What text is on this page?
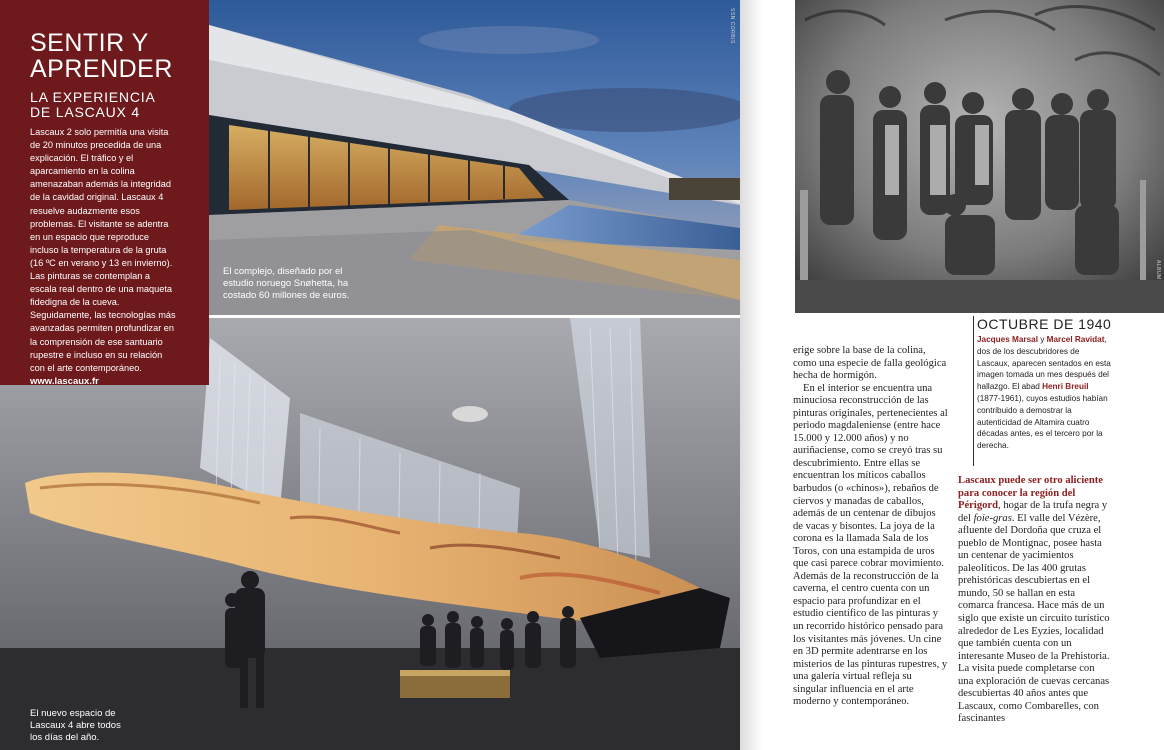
El complejo, diseñado por el
estudio noruego Snøhetta, ha
costado 60 millones de euros.
SSN CORBIS
El nuevo espacio de
Lascaux 4 abre todos
los días del año.
SENTIR Y
APRENDER
LA EXPERIENCIA
DE LASCAUX 4

Lascaux 2 solo permitía una visita de 20 minutos precedida de una explicación. El tráfico y el aparcamiento en la colina amenazaban además la integridad de la cavidad original. Lascaux 4 resuelve audazmente esos problemas. El visitante se adentra en un espacio que reproduce incluso la temperatura de la gruta (16 ºC en verano y 13 en invierno). Las pinturas se contemplan a escala real dentro de una maqueta fidedigna de la cueva. Seguidamente, las tecnologías más avanzadas permiten profundizar en la comprensión de ese santuario rupestre e incluso en su relación con el arte contemporáneo.

www.lascaux.fr
ALBUM
OCTUBRE DE 1940

Jacques Marsal y Marcel Ravidat, dos de los descubridores de Lascaux, aparecen sentados en esta imagen tomada un mes después del hallazgo. El abad Henri Breuil (1877-1961), cuyos estudios habían contribuido a demostrar la autenticidad de Altamira cuatro décadas antes, es el tercero por la derecha.

erige sobre la base de la colina, como una especie de falla geológica hecha de hormigón.

En el interior se encuentra una minuciosa reconstrucción de las pinturas originales, pertenecientes al periodo magdaleniense (entre hace 15.000 y 12.000 años) y no auriñaciense, como se creyó tras su descubrimiento. Entre ellas se encuentran los míticos caballos barbudos (o «chinos»), rebaños de ciervos y manadas de caballos, además de un centenar de dibujos de vacas y bisontes. La joya de la corona es la llamada Sala de los Toros, con una estampida de uros que casi parece cobrar movimiento. Además de la reconstrucción de la caverna, el centro cuenta con un espacio para profundizar en el estudio científico de las pinturas y un recorrido histórico pensado para los visitantes más jóvenes. Un cine en 3D permite adentrarse en los misterios de las pinturas rupestres, y una galería virtual refleja su singular influencia en el arte moderno y contemporáneo.

Lascaux puede ser otro aliciente para conocer la región del Périgord, hogar de la trufa negra y del foie-gras. El valle del Vézère, afluente del Dordoña que cruza el pueblo de Montignac, posee hasta un centenar de yacimientos paleolíticos. De las 400 grutas prehistóricas descubiertas en el mundo, 50 se hallan en esta comarca francesa. Hace más de un siglo que existe un circuito turístico alrededor de Les Eyzies, localidad que también cuenta con un interesante Museo de la Prehistoria. La visita puede completarse con una exploración de cuevas cercanas descubiertas 40 años antes que Lascaux, como Combarelles, con fascinantes
